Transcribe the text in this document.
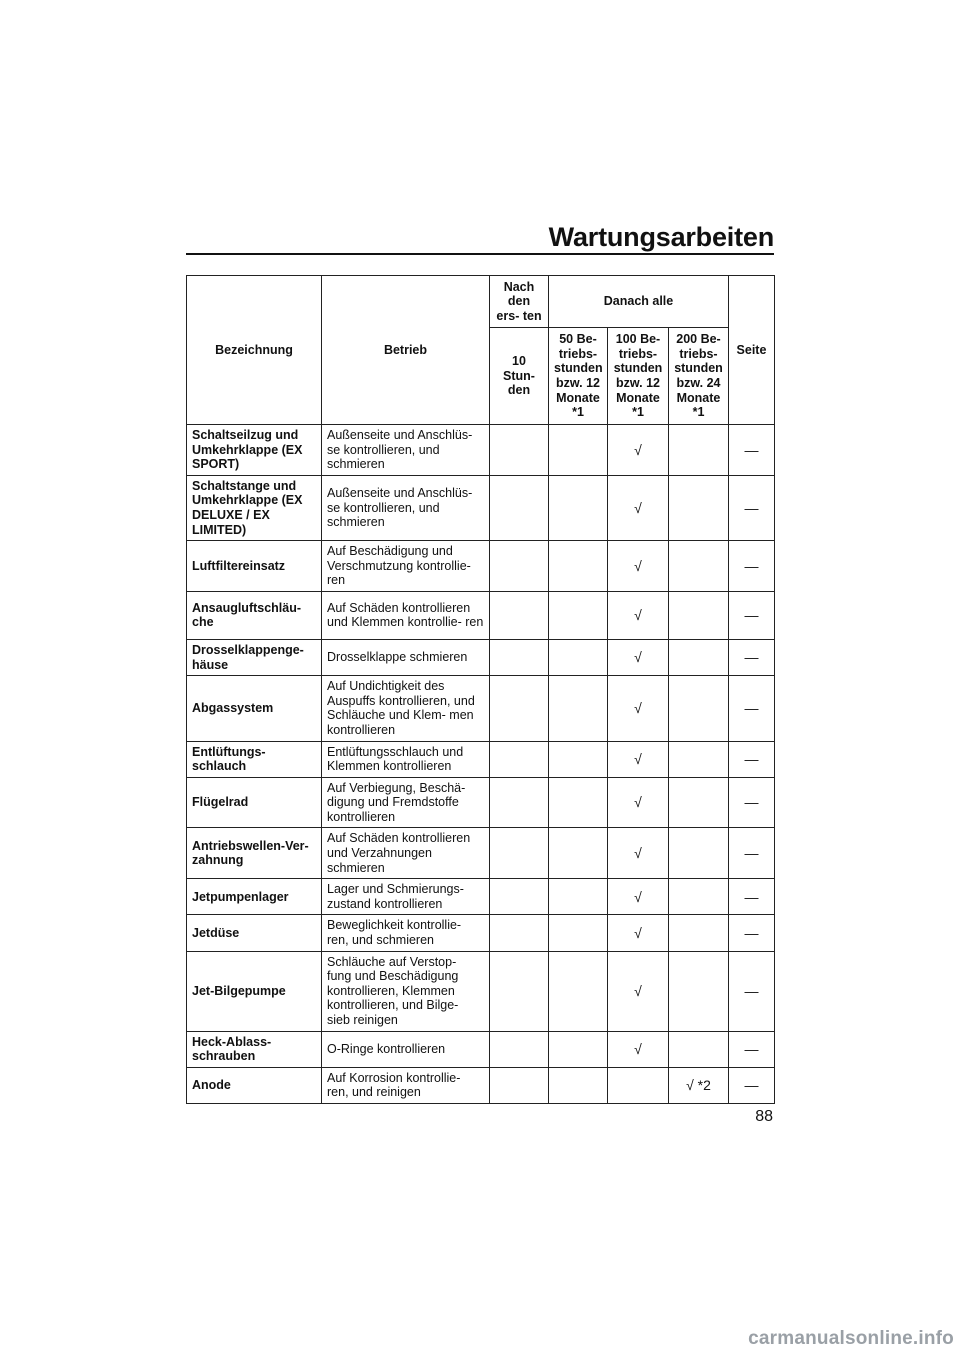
Wartungsarbeiten
Bezeichnung	Betrieb	Nach den ers- ten	Danach alle			Seite
		10 Stun- den	50 Be- triebs- stunden bzw. 12 Monate *1	100 Be- triebs- stunden bzw. 12 Monate *1	200 Be- triebs- stunden bzw. 24 Monate *1	
Schaltseilzug und Umkehrklappe (EX SPORT)	Außenseite und Anschlüs- se kontrollieren, und schmieren			√		—
Schaltstange und Umkehrklappe (EX DELUXE / EX LIMITED)	Außenseite und Anschlüs- se kontrollieren, und schmieren			√		—
Luftfiltereinsatz	Auf Beschädigung und Verschmutzung kontrollie- ren			√		—
Ansaugluftschläu- che	Auf Schäden kontrollieren und Klemmen kontrollie- ren			√		—
Drosselklappenge- häuse	Drosselklappe schmieren			√		—
Abgassystem	Auf Undichtigkeit des Auspuffs kontrollieren, und Schläuche und Klem- men kontrollieren			√		—
Entlüftungs- schlauch	Entlüftungsschlauch und Klemmen kontrollieren			√		—
Flügelrad	Auf Verbiegung, Beschä- digung und Fremdstoffe kontrollieren			√		—
Antriebswellen-Ver- zahnung	Auf Schäden kontrollieren und Verzahnungen schmieren			√		—
Jetpumpenlager	Lager und Schmierungs- zustand kontrollieren			√		—
Jetdüse	Beweglichkeit kontrollie- ren, und schmieren			√		—
Jet-Bilgepumpe	Schläuche auf Verstop- fung und Beschädigung kontrollieren, Klemmen kontrollieren, und Bilge- sieb reinigen			√		—
Heck-Ablass- schrauben	O-Ringe kontrollieren			√		—
Anode	Auf Korrosion kontrollie- ren, und reinigen				√ *2	—
88
carmanualsonline.info
